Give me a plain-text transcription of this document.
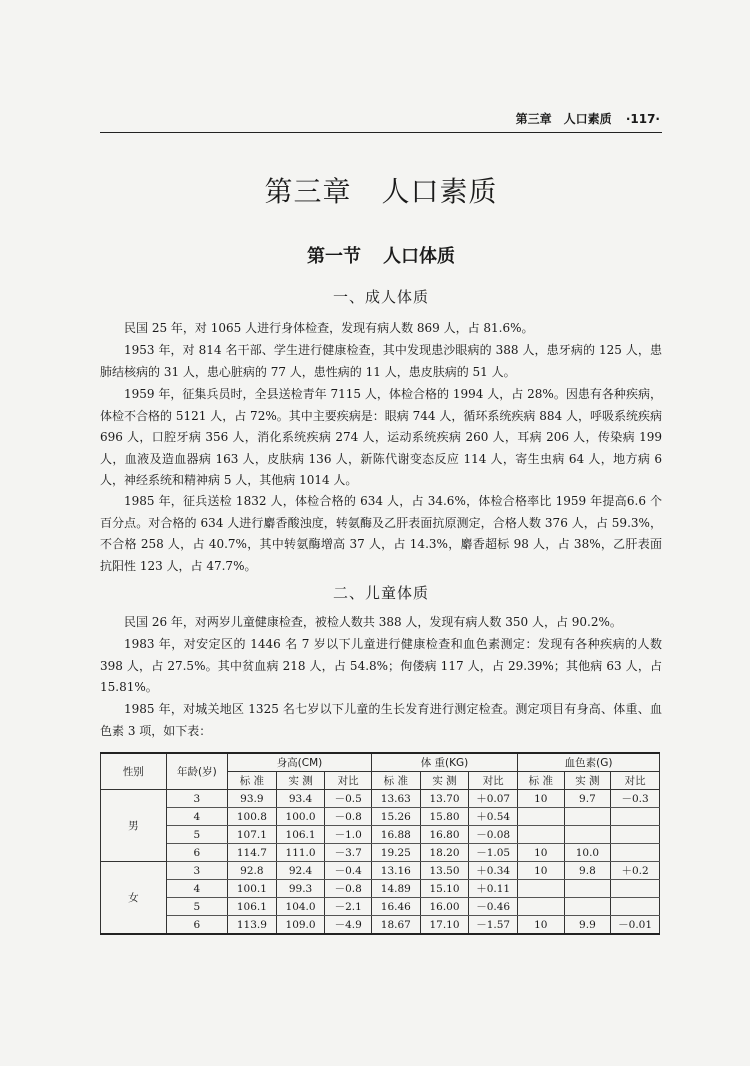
第三章　人口素质 ·117·
第三章 人口素质
第一节 人口体质
一、成人体质

民国 25 年，对 1065 人进行身体检查，发现有病人数 869 人，占 81.6%。

1953 年，对 814 名干部、学生进行健康检查，其中发现患沙眼病的 388 人，患牙病的 125 人，患肺结核病的 31 人，患心脏病的 77 人，患性病的 11 人，患皮肤病的 51 人。

1959 年，征集兵员时，全县送检青年 7115 人，体检合格的 1994 人，占 28%。因患有各种疾病，体检不合格的 5121 人，占 72%。其中主要疾病是：眼病 744 人，循环系统疾病 884 人，呼吸系统疾病 696 人，口腔牙病 356 人，消化系统疾病 274 人，运动系统疾病 260 人，耳病 206 人，传染病 199 人，血液及造血器病 163 人，皮肤病 136 人，新陈代谢变态反应 114 人，寄生虫病 64 人，地方病 6 人，神经系统和精神病 5 人，其他病 1014 人。

1985 年，征兵送检 1832 人，体检合格的 634 人，占 34.6%，体检合格率比 1959 年提高6.6 个百分点。对合格的 634 人进行麝香酸浊度，转氨酶及乙肝表面抗原测定，合格人数 376 人，占 59.3%，不合格 258 人，占 40.7%，其中转氨酶增高 37 人，占 14.3%，麝香超标 98 人，占 38%，乙肝表面抗阳性 123 人，占 47.7%。

二、儿童体质

民国 26 年，对两岁儿童健康检查，被检人数共 388 人，发现有病人数 350 人，占 90.2%。

1983 年，对安定区的 1446 名 7 岁以下儿童进行健康检查和血色素测定：发现有各种疾病的人数 398 人，占 27.5%。其中贫血病 218 人，占 54.8%；佝偻病 117 人，占 29.39%；其他病 63 人，占 15.81%。

1985 年，对城关地区 1325 名七岁以下儿童的生长发育进行测定检查。测定项目有身高、体重、血色素 3 项，如下表：

性别	年龄(岁)	身高(CM)			体 重(KG)			血色素(G)		
		标 准	实 测	对比	标 准	实 测	对比	标 准	实 测	对比
男	3	93.9	93.4	－0.5	13.63	13.70	＋0.07	10	9.7	－0.3
	4	100.8	100.0	－0.8	15.26	15.80	＋0.54			
	5	107.1	106.1	－1.0	16.88	16.80	－0.08			
	6	114.7	111.0	－3.7	19.25	18.20	－1.05	10	10.0	
女	3	92.8	92.4	－0.4	13.16	13.50	＋0.34	10	9.8	＋0.2
	4	100.1	99.3	－0.8	14.89	15.10	＋0.11			
	5	106.1	104.0	－2.1	16.46	16.00	－0.46			
	6	113.9	109.0	－4.9	18.67	17.10	－1.57	10	9.9	－0.01
